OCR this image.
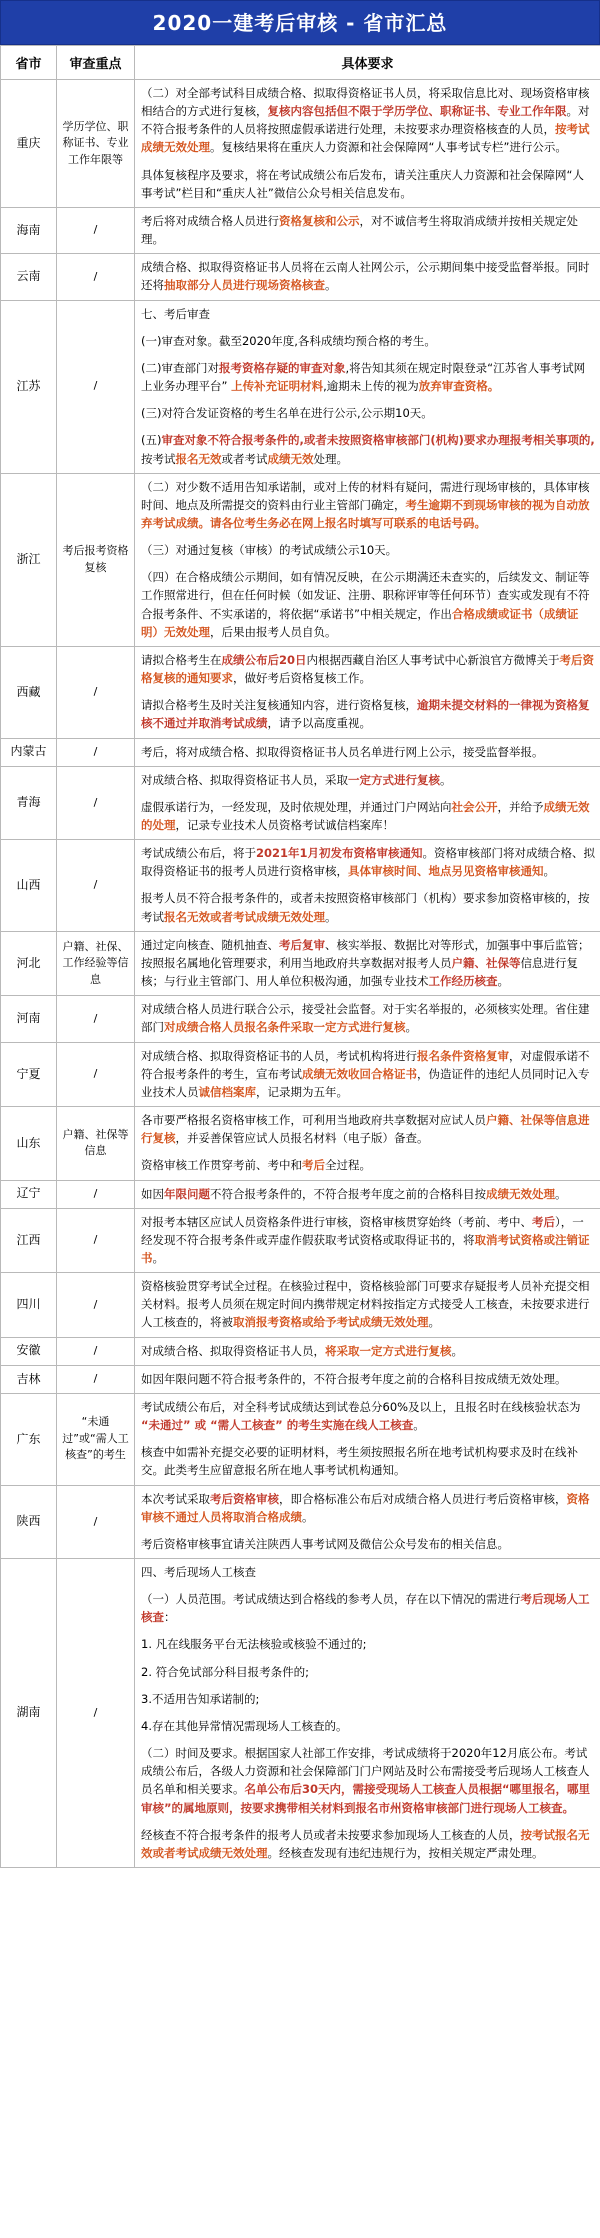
2020一建考后审核 - 省市汇总
省市	审查重点	具体要求
重庆	学历学位、职称证书、专业工作年限等	（二）对全部考试科目成绩合格、拟取得资格证书人员，将采取信息比对、现场资格审核相结合的方式进行复核，复核内容包括但不限于学历学位、职称证书、专业工作年限。对不符合报考条件的人员将按照虚假承诺进行处理，未按要求办理资格核查的人员，按考试成绩无效处理。复核结果将在重庆人力资源和社会保障网“人事考试专栏”进行公示。

具体复核程序及要求，将在考试成绩公布后发布，请关注重庆人力资源和社会保障网“人事考试”栏目和“重庆人社”微信公众号相关信息发布。

海南	/	考后将对成绩合格人员进行资格复核和公示，对不诚信考生将取消成绩并按相关规定处理。

云南	/	成绩合格、拟取得资格证书人员将在云南人社网公示，公示期间集中接受监督举报。同时还将抽取部分人员进行现场资格核查。

江苏	/	七、考后审查

(一)审查对象。截至2020年度,各科成绩均预合格的考生。

(二)审查部门对报考资格存疑的审查对象,将告知其须在规定时限登录“江苏省人事考试网上业务办理平台” 上传补充证明材料,逾期未上传的视为放弃审查资格。

(三)对符合发证资格的考生名单在进行公示,公示期10天。

(五)审查对象不符合报考条件的,或者未按照资格审核部门(机构)要求办理报考相关事项的,按考试报名无效或者考试成绩无效处理。

浙江	考后报考资格复核	（二）对少数不适用告知承诺制，或对上传的材料有疑问，需进行现场审核的，具体审核时间、地点及所需提交的资料由行业主管部门确定，考生逾期不到现场审核的视为自动放弃考试成绩。请各位考生务必在网上报名时填写可联系的电话号码。

（三）对通过复核（审核）的考试成绩公示10天。

（四）在合格成绩公示期间，如有情况反映，在公示期满还未查实的，后续发文、制证等工作照常进行，但在任何时候（如发证、注册、职称评审等任何环节）查实或发现有不符合报考条件、不实承诺的，将依据“承诺书”中相关规定，作出合格成绩或证书（成绩证明）无效处理，后果由报考人员自负。

西藏	/	请拟合格考生在成绩公布后20日内根据西藏自治区人事考试中心新浪官方微博关于考后资格复核的通知要求，做好考后资格复核工作。

请拟合格考生及时关注复核通知内容，进行资格复核，逾期未提交材料的一律视为资格复核不通过并取消考试成绩，请予以高度重视。

内蒙古	/	考后，将对成绩合格、拟取得资格证书人员名单进行网上公示，接受监督举报。

青海	/	对成绩合格、拟取得资格证书人员，采取一定方式进行复核。

虚假承诺行为，一经发现，及时依规处理，并通过门户网站向社会公开，并给予成绩无效的处理，记录专业技术人员资格考试诚信档案库！

山西	/	考试成绩公布后，将于2021年1月初发布资格审核通知。资格审核部门将对成绩合格、拟取得资格证书的报考人员进行资格审核，具体审核时间、地点另见资格审核通知。

报考人员不符合报考条件的，或者未按照资格审核部门（机构）要求参加资格审核的，按考试报名无效或者考试成绩无效处理。

河北	户籍、社保、工作经验等信息	通过定向核查、随机抽查、考后复审、核实举报、数据比对等形式，加强事中事后监管；按照报名属地化管理要求，利用当地政府共享数据对报考人员户籍、社保等信息进行复核；与行业主管部门、用人单位积极沟通，加强专业技术工作经历核查。

河南	/	对成绩合格人员进行联合公示，接受社会监督。对于实名举报的，必须核实处理。省住建部门对成绩合格人员报名条件采取一定方式进行复核。

宁夏	/	对成绩合格、拟取得资格证书的人员，考试机构将进行报名条件资格复审，对虚假承诺不符合报考条件的考生，宣布考试成绩无效收回合格证书，伪造证件的违纪人员同时记入专业技术人员诚信档案库，记录期为五年。

山东	户籍、社保等信息	各市要严格报名资格审核工作，可利用当地政府共享数据对应试人员户籍、社保等信息进行复核，并妥善保管应试人员报名材料（电子版）备查。

资格审核工作贯穿考前、考中和考后全过程。

辽宁	/	如因年限问题不符合报考条件的，不符合报考年度之前的合格科目按成绩无效处理。

江西	/	对报考本辖区应试人员资格条件进行审核，资格审核贯穿始终（考前、考中、考后），一经发现不符合报考条件或弄虚作假获取考试资格或取得证书的，将取消考试资格或注销证书。

四川	/	资格核验贯穿考试全过程。在核验过程中，资格核验部门可要求存疑报考人员补充提交相关材料。报考人员须在规定时间内携带规定材料按指定方式接受人工核查，未按要求进行人工核查的，将被取消报考资格或给予考试成绩无效处理。

安徽	/	对成绩合格、拟取得资格证书人员，将采取一定方式进行复核。

吉林	/	如因年限问题不符合报考条件的，不符合报考年度之前的合格科目按成绩无效处理。

广东	“未通过”或“需人工核查”的考生	考试成绩公布后，对全科考试成绩达到试卷总分60%及以上，且报名时在线核验状态为 “未通过” 或 “需人工核查” 的考生实施在线人工核查。

核查中如需补充提交必要的证明材料，考生须按照报名所在地考试机构要求及时在线补交。此类考生应留意报名所在地人事考试机构通知。

陕西	/	本次考试采取考后资格审核，即合格标准公布后对成绩合格人员进行考后资格审核，资格审核不通过人员将取消合格成绩。

考后资格审核事宜请关注陕西人事考试网及微信公众号发布的相关信息。

湖南	/	

四、考后现场人工核查

（一）人员范围。考试成绩达到合格线的参考人员，存在以下情况的需进行考后现场人工核查：

1. 凡在线服务平台无法核验或核验不通过的;

2. 符合免试部分科目报考条件的;

3.不适用告知承诺制的;

4.存在其他异常情况需现场人工核查的。

（二）时间及要求。根据国家人社部工作安排，考试成绩将于2020年12月底公布。考试成绩公布后，各级人力资源和社会保障部门门户网站及时公布需接受考后现场人工核查人员名单和相关要求。名单公布后30天内，需接受现场人工核查人员根据“哪里报名，哪里审核”的属地原则，按要求携带相关材料到报名市州资格审核部门进行现场人工核查。

经核查不符合报考条件的报考人员或者未按要求参加现场人工核查的人员，按考试报名无效或者考试成绩无效处理。经核查发现有违纪违规行为，按相关规定严肃处理。
